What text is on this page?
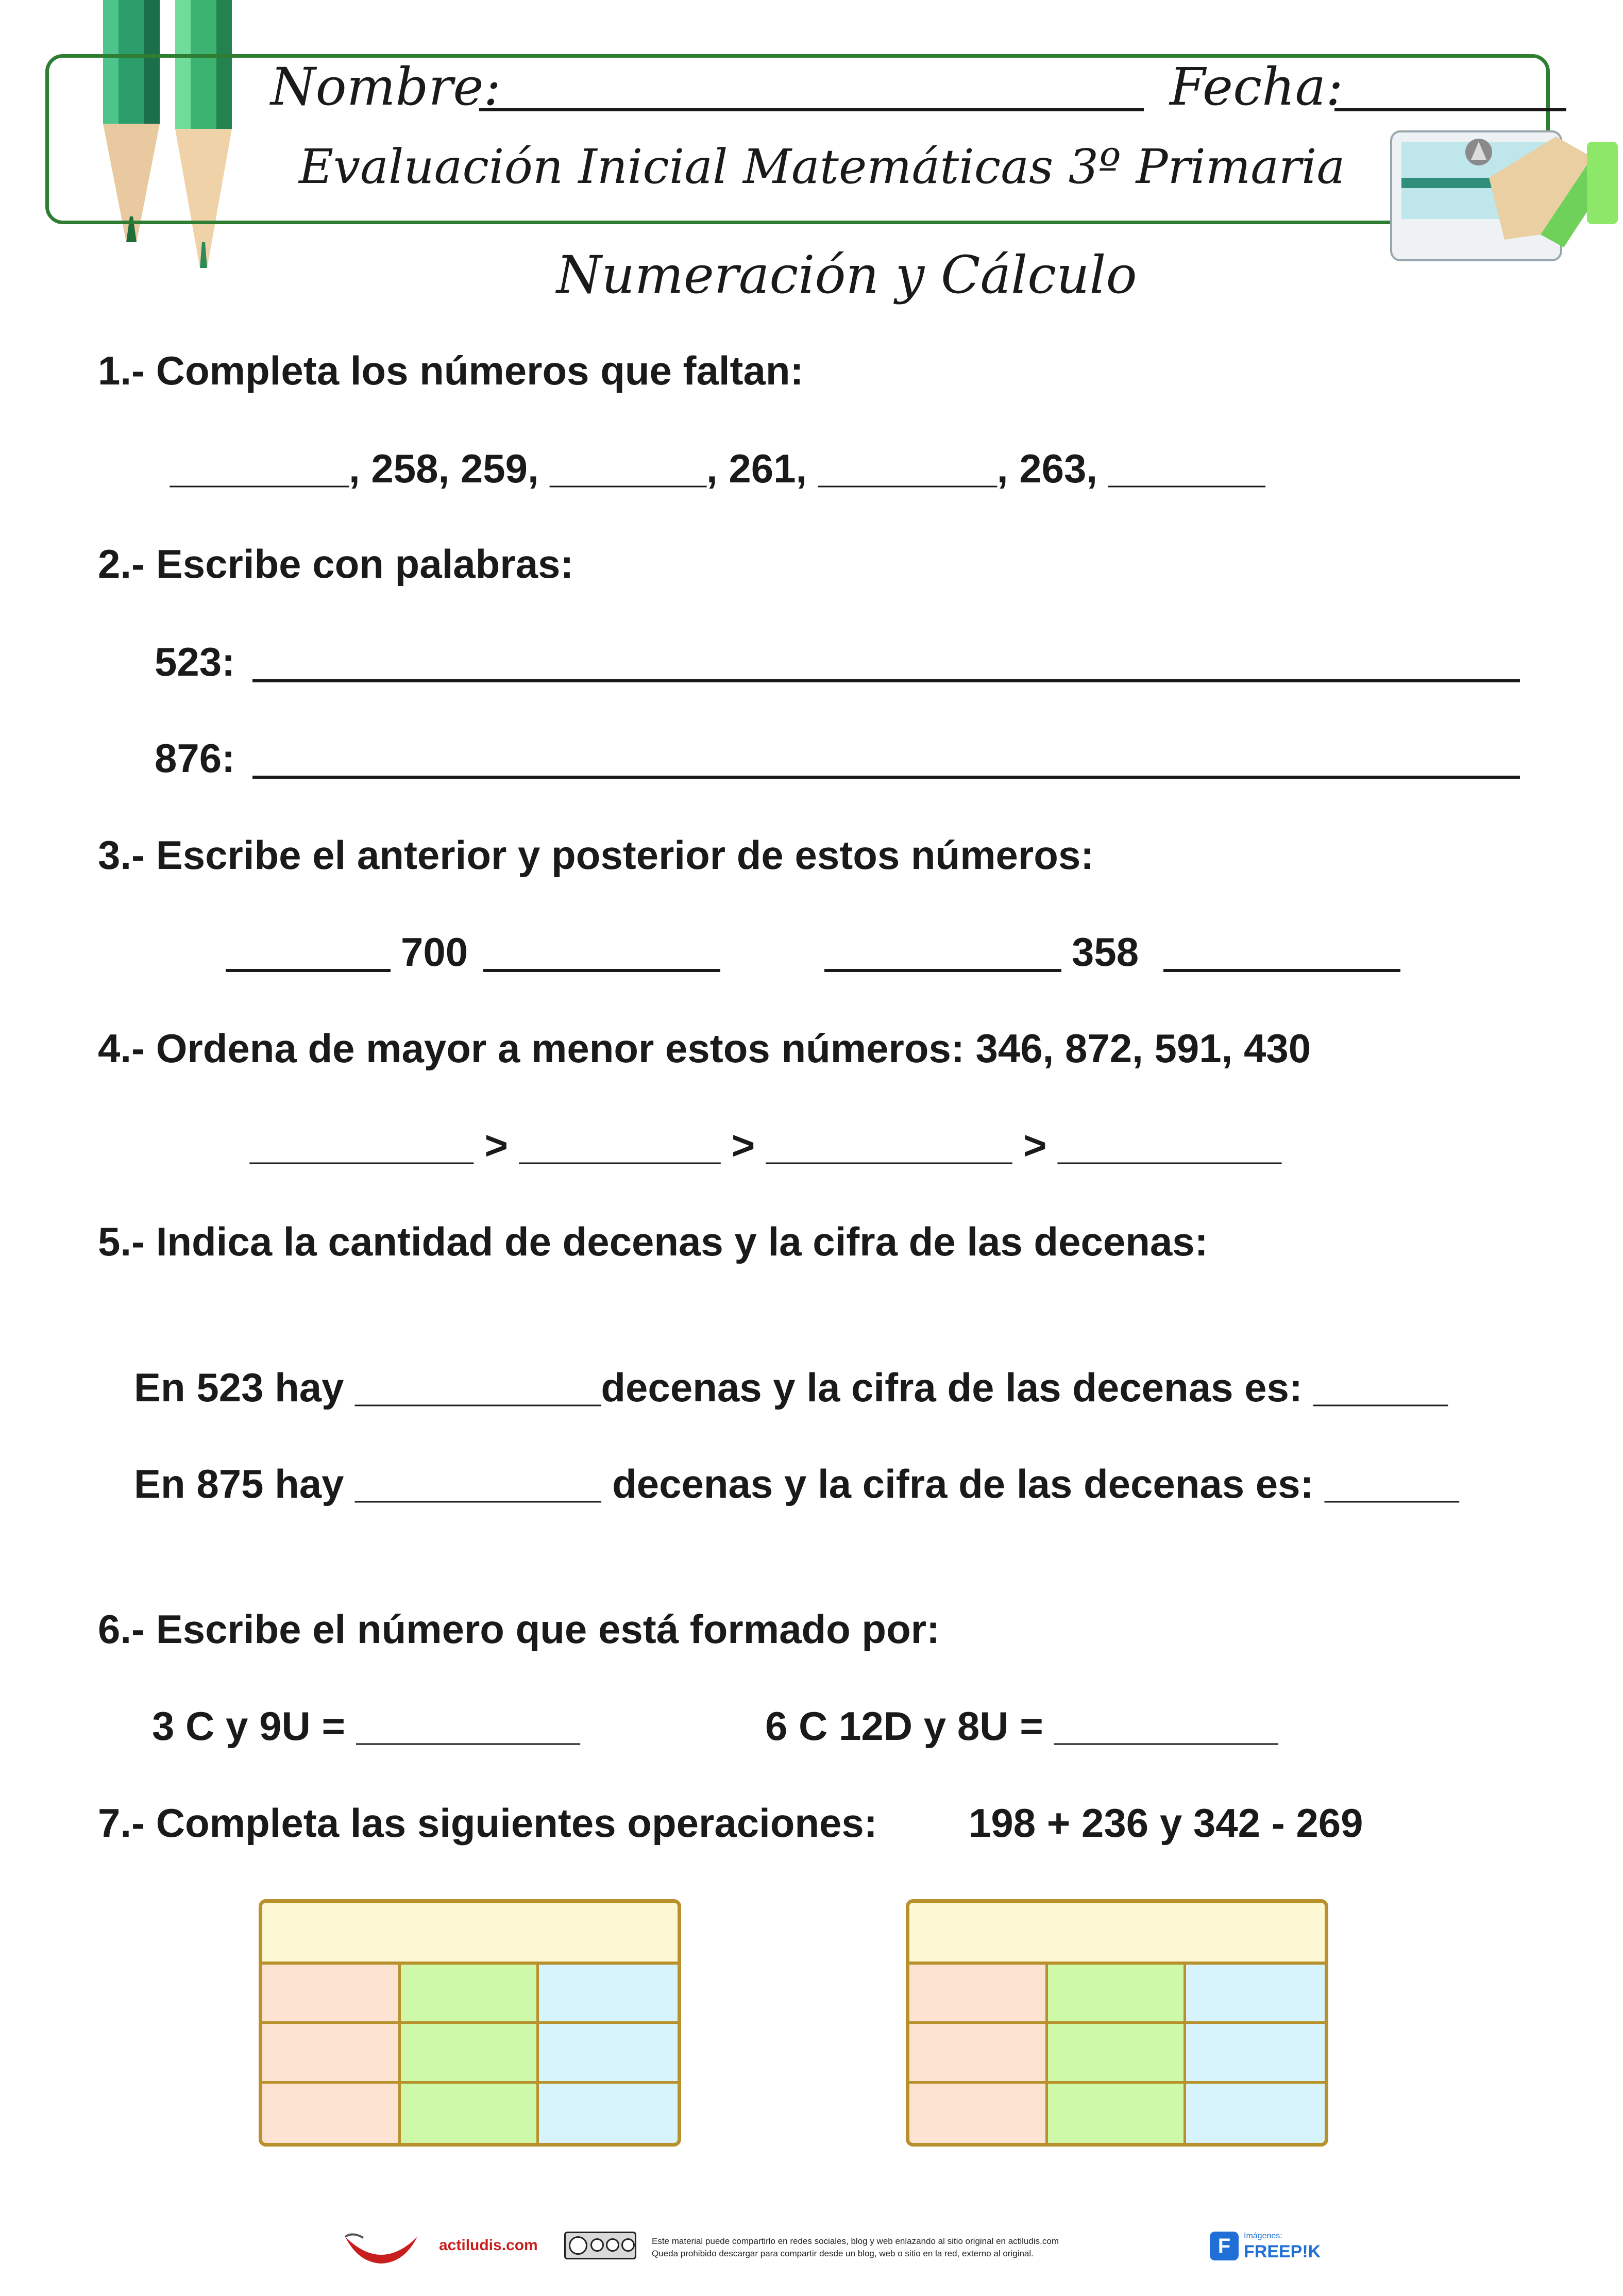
Nombre:	Fecha:
Evaluación Inicial Matemáticas 3º Primaria
Numeración y Cálculo
1.- Completa los números que faltan:
________, 258, 259, _______, 261, ________, 263, _______
2.- Escribe con palabras:
523:
876:
3.- Escribe el anterior y posterior de estos números:
700	358
4.- Ordena de mayor a menor estos números: 346, 872, 591, 430
__________ > _________ > ___________ > __________
5.- Indica la cantidad de decenas y la cifra de las decenas:
En 523 hay ___________decenas y la cifra de las decenas es: ______
En 875 hay ___________ decenas y la cifra de las decenas es: ______
6.- Escribe el número que está formado por:
3 C y 9U = __________	6 C 12D y 8U = __________
7.- Completa las siguientes operaciones: 198 + 236 y 342 - 269
actiludis.com	Este material puede compartirlo en redes sociales, blog y web enlazando al sitio original en actiludis.com
Queda prohibido descargar para compartir desde un blog, web o sitio en la red, externo al original.	F	Imágenes:
FREEP!K
